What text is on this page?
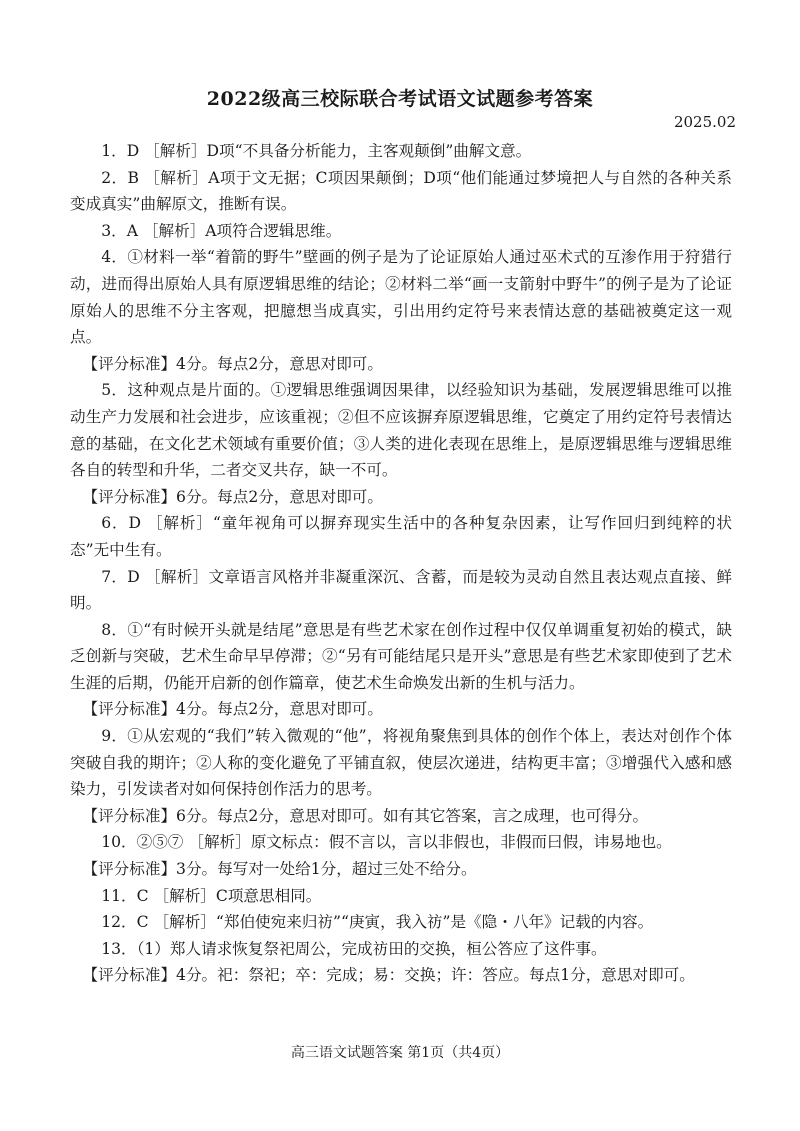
2022级高三校际联合考试语文试题参考答案
2025.02

1．D ［解析］D项“不具备分析能力，主客观颠倒”曲解文意。

2．B ［解析］A项于文无据；C项因果颠倒；D项“他们能通过梦境把人与自然的各种关系变成真实”曲解原文，推断有误。

3．A ［解析］A项符合逻辑思维。

4．①材料一举“着箭的野牛”壁画的例子是为了论证原始人通过巫术式的互渗作用于狩猎行动，进而得出原始人具有原逻辑思维的结论；②材料二举“画一支箭射中野牛”的例子是为了论证原始人的思维不分主客观，把臆想当成真实，引出用约定符号来表情达意的基础被奠定这一观点。

【评分标准】4分。每点2分，意思对即可。

5．这种观点是片面的。①逻辑思维强调因果律，以经验知识为基础，发展逻辑思维可以推动生产力发展和社会进步，应该重视；②但不应该摒弃原逻辑思维，它奠定了用约定符号表情达意的基础，在文化艺术领域有重要价值；③人类的进化表现在思维上，是原逻辑思维与逻辑思维各自的转型和升华，二者交叉共存，缺一不可。

【评分标准】6分。每点2分，意思对即可。

6．D ［解析］“童年视角可以摒弃现实生活中的各种复杂因素，让写作回归到纯粹的状态”无中生有。

7．D ［解析］文章语言风格并非凝重深沉、含蓄，而是较为灵动自然且表达观点直接、鲜明。

8．①“有时候开头就是结尾”意思是有些艺术家在创作过程中仅仅单调重复初始的模式，缺乏创新与突破，艺术生命早早停滞；②“另有可能结尾只是开头”意思是有些艺术家即使到了艺术生涯的后期，仍能开启新的创作篇章，使艺术生命焕发出新的生机与活力。

【评分标准】4分。每点2分，意思对即可。

9．①从宏观的“我们”转入微观的“他”，将视角聚焦到具体的创作个体上，表达对创作个体突破自我的期许；②人称的变化避免了平铺直叙，使层次递进，结构更丰富；③增强代入感和感染力，引发读者对如何保持创作活力的思考。

【评分标准】6分。每点2分，意思对即可。如有其它答案，言之成理，也可得分。

10．②⑤⑦ ［解析］原文标点：假不言以，言以非假也，非假而曰假，讳易地也。

【评分标准】3分。每写对一处给1分，超过三处不给分。

11．C ［解析］C项意思相同。

12．C ［解析］“郑伯使宛来归祊”“庚寅，我入祊”是《隐・八年》记载的内容。

13．（1）郑人请求恢复祭祀周公，完成祊田的交换，桓公答应了这件事。

【评分标准】4分。祀：祭祀；卒：完成；易：交换；许：答应。每点1分，意思对即可。

高三语文试题答案 第1页（共4页）
